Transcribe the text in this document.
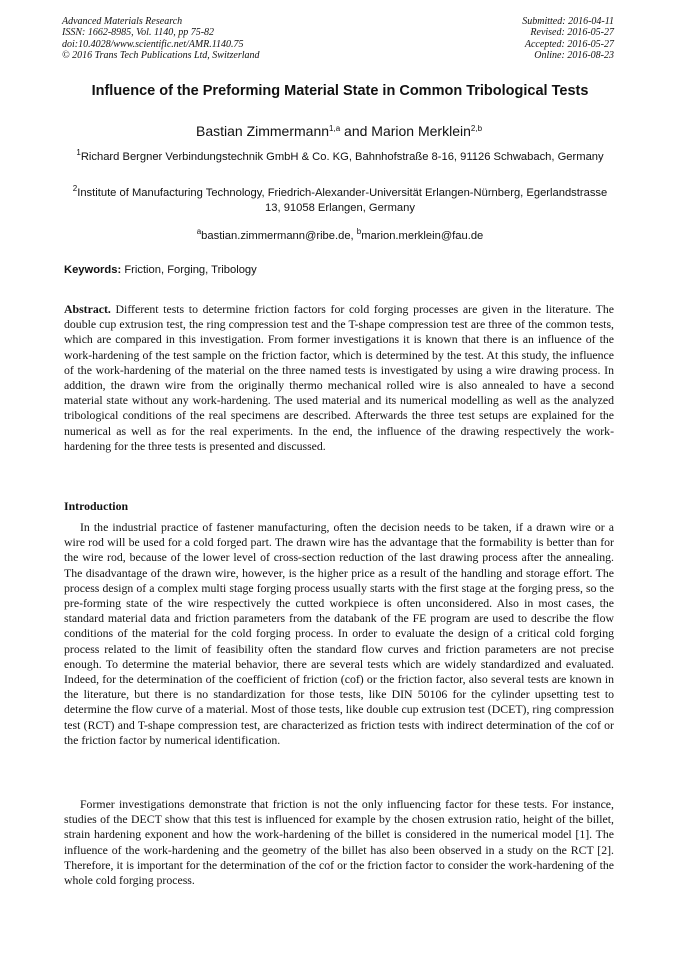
Advanced Materials Research
ISSN: 1662-8985, Vol. 1140, pp 75-82
doi:10.4028/www.scientific.net/AMR.1140.75
© 2016 Trans Tech Publications Ltd, Switzerland
Submitted: 2016-04-11
Revised: 2016-05-27
Accepted: 2016-05-27
Online: 2016-08-23
Influence of the Preforming Material State in Common Tribological Tests
Bastian Zimmermann$^{1,a}$ and Marion Merklein$^{2,b}$
$^1$Richard Bergner Verbindungstechnik GmbH & Co. KG, Bahnhofstraße 8-16, 91126 Schwabach, Germany
$^2$Institute of Manufacturing Technology, Friedrich-Alexander-Universität Erlangen-Nürnberg, Egerlandstrasse 13, 91058 Erlangen, Germany
$^a$bastian.zimmermann@ribe.de, $^b$marion.merklein@fau.de
Keywords: Friction, Forging, Tribology
Abstract. Different tests to determine friction factors for cold forging processes are given in the literature. The double cup extrusion test, the ring compression test and the T-shape compression test are three of the common tests, which are compared in this investigation. From former investigations it is known that there is an influence of the work-hardening of the test sample on the friction factor, which is determined by the test. At this study, the influence of the work-hardening of the material on the three named tests is investigated by using a wire drawing process. In addition, the drawn wire from the originally thermo mechanical rolled wire is also annealed to have a second material state without any work-hardening. The used material and its numerical modelling as well as the analyzed tribological conditions of the real specimens are described. Afterwards the three test setups are explained for the numerical as well as for the real experiments. In the end, the influence of the drawing respectively the work-hardening for the three tests is presented and discussed.
Introduction
In the industrial practice of fastener manufacturing, often the decision needs to be taken, if a drawn wire or a wire rod will be used for a cold forged part. The drawn wire has the advantage that the formability is better than for the wire rod, because of the lower level of cross-section reduction of the last drawing process after the annealing. The disadvantage of the drawn wire, however, is the higher price as a result of the handling and storage effort. The process design of a complex multi stage forging process usually starts with the first stage at the forging press, so the pre-forming state of the wire respectively the cutted workpiece is often unconsidered. Also in most cases, the standard material data and friction parameters from the databank of the FE program are used to describe the flow conditions of the material for the cold forging process. In order to evaluate the design of a critical cold forging process related to the limit of feasibility often the standard flow curves and friction parameters are not precise enough. To determine the material behavior, there are several tests which are widely standardized and evaluated. Indeed, for the determination of the coefficient of friction (cof) or the friction factor, also several tests are known in the literature, but there is no standardization for those tests, like DIN 50106 for the cylinder upsetting test to determine the flow curve of a material. Most of those tests, like double cup extrusion test (DCET), ring compression test (RCT) and T-shape compression test, are characterized as friction tests with indirect determination of the cof or the friction factor by numerical identification.
Former investigations demonstrate that friction is not the only influencing factor for these tests. For instance, studies of the DECT show that this test is influenced for example by the chosen extrusion ratio, height of the billet, strain hardening exponent and how the work-hardening of the billet is considered in the numerical model [1]. The influence of the work-hardening and the geometry of the billet has also been observed in a study on the RCT [2]. Therefore, it is important for the determination of the cof or the friction factor to consider the work-hardening of the whole cold forging process.
